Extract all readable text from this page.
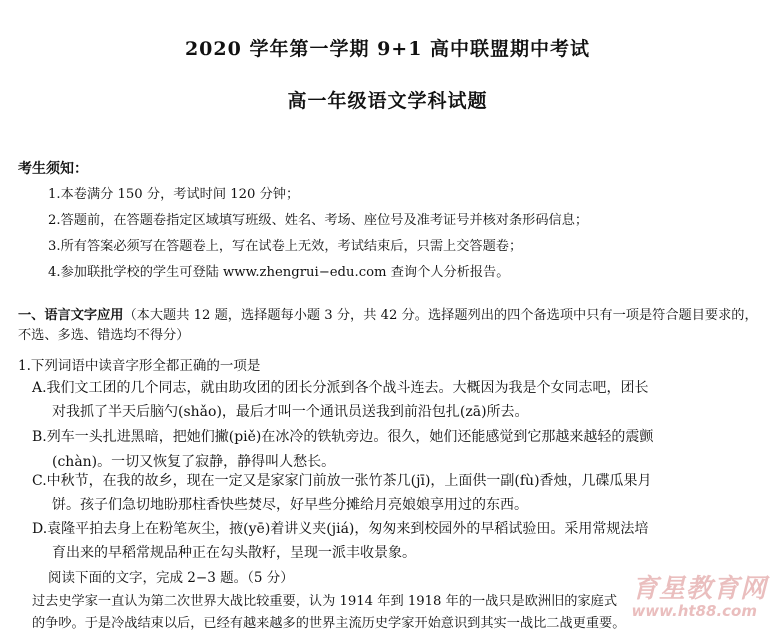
2020 学年第一学期 9+1 高中联盟期中考试
高一年级语文学科试题
考生须知：
1.本卷满分 150 分，考试时间 120 分钟；
2.答题前，在答题卷指定区域填写班级、姓名、考场、座位号及准考证号并核对条形码信息；
3.所有答案必须写在答题卷上，写在试卷上无效，考试结束后，只需上交答题卷；
4.参加联批学校的学生可登陆 www.zhengrui−edu.com 查询个人分析报告。
一、语言文字应用（本大题共 12 题，选择题每小题 3 分，共 42 分。选择题列出的四个备选项中只有一项是符合题目要求的，不选、多选、错选均不得分）
1.下列词语中读音字形全都正确的一项是
A.我们文工团的几个同志，就由助攻团的团长分派到各个战斗连去。大概因为我是个女同志吧，团长
对我抓了半天后脑勺(shǎo)，最后才叫一个通讯员送我到前沿包扎(zā)所去。
B.列车一头扎进黑暗，把她们撇(piě)在冰冷的铁轨旁边。很久，她们还能感觉到它那越来越轻的震颤
(chàn)。一切又恢复了寂静，静得叫人愁长。
C.中秋节，在我的故乡，现在一定又是家家门前放一张竹茶几(jī)，上面供一副(fù)香烛，几碟瓜果月
饼。孩子们急切地盼那柱香快些焚尽，好早些分摊给月亮娘娘享用过的东西。
D.袁隆平拍去身上在粉笔灰尘，掖(yē)着讲义夹(jiá)，匆匆来到校园外的早稻试验田。采用常规法培
育出来的早稻常规品种正在勾头散籽，呈现一派丰收景象。
阅读下面的文字，完成 2−3 题。（5 分）
过去史学家一直认为第二次世界大战比较重要，认为 1914 年到 1918 年的一战只是欧洲旧的家庭式
的争吵。于是冷战结束以后，已经有越来越多的世界主流历史学家开始意识到其实一战比二战更重要。
育星教育网
www.ht88.com
